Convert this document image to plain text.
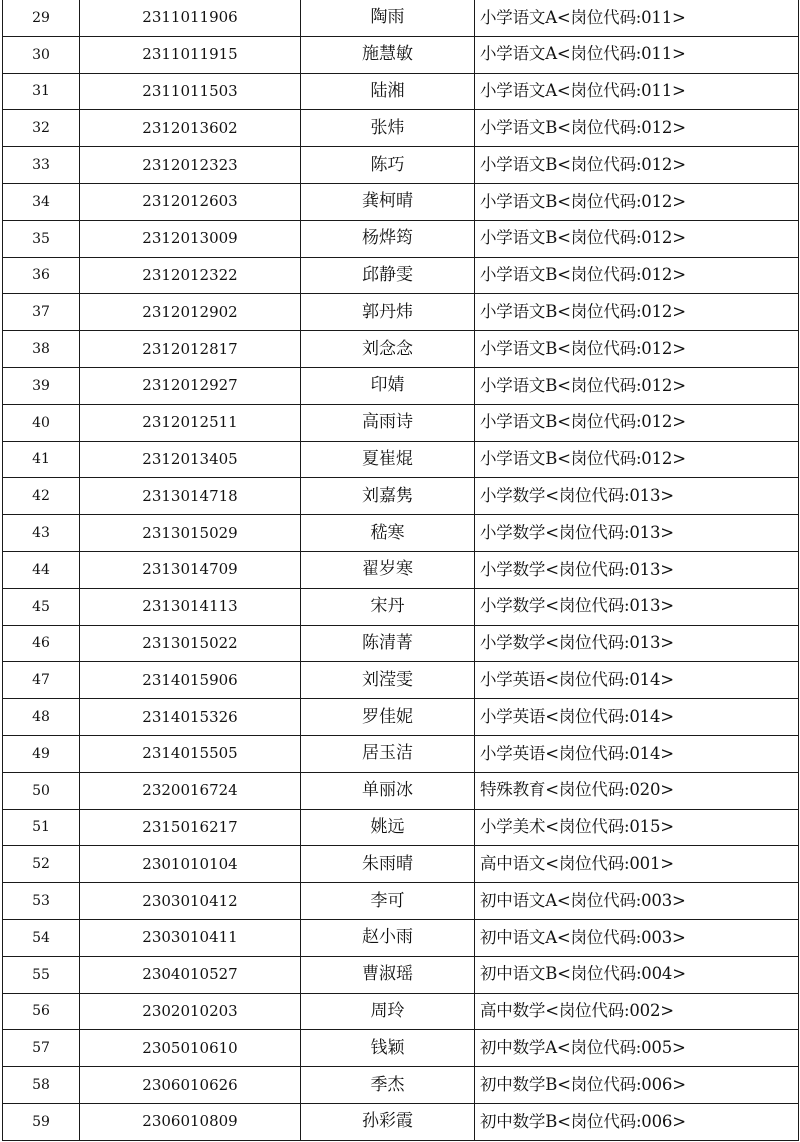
29	2311011906	陶雨	小学语文A<岗位代码:011>
30	2311011915	施慧敏	小学语文A<岗位代码:011>
31	2311011503	陆湘	小学语文A<岗位代码:011>
32	2312013602	张炜	小学语文B<岗位代码:012>
33	2312012323	陈巧	小学语文B<岗位代码:012>
34	2312012603	龚柯晴	小学语文B<岗位代码:012>
35	2312013009	杨烨筠	小学语文B<岗位代码:012>
36	2312012322	邱静雯	小学语文B<岗位代码:012>
37	2312012902	郭丹炜	小学语文B<岗位代码:012>
38	2312012817	刘念念	小学语文B<岗位代码:012>
39	2312012927	印婧	小学语文B<岗位代码:012>
40	2312012511	高雨诗	小学语文B<岗位代码:012>
41	2312013405	夏崔焜	小学语文B<岗位代码:012>
42	2313014718	刘嘉隽	小学数学<岗位代码:013>
43	2313015029	嵇寒	小学数学<岗位代码:013>
44	2313014709	翟岁寒	小学数学<岗位代码:013>
45	2313014113	宋丹	小学数学<岗位代码:013>
46	2313015022	陈清菁	小学数学<岗位代码:013>
47	2314015906	刘滢雯	小学英语<岗位代码:014>
48	2314015326	罗佳妮	小学英语<岗位代码:014>
49	2314015505	居玉洁	小学英语<岗位代码:014>
50	2320016724	单丽冰	特殊教育<岗位代码:020>
51	2315016217	姚远	小学美术<岗位代码:015>
52	2301010104	朱雨晴	高中语文<岗位代码:001>
53	2303010412	李可	初中语文A<岗位代码:003>
54	2303010411	赵小雨	初中语文A<岗位代码:003>
55	2304010527	曹淑瑶	初中语文B<岗位代码:004>
56	2302010203	周玲	高中数学<岗位代码:002>
57	2305010610	钱颖	初中数学A<岗位代码:005>
58	2306010626	季杰	初中数学B<岗位代码:006>
59	2306010809	孙彩霞	初中数学B<岗位代码:006>
